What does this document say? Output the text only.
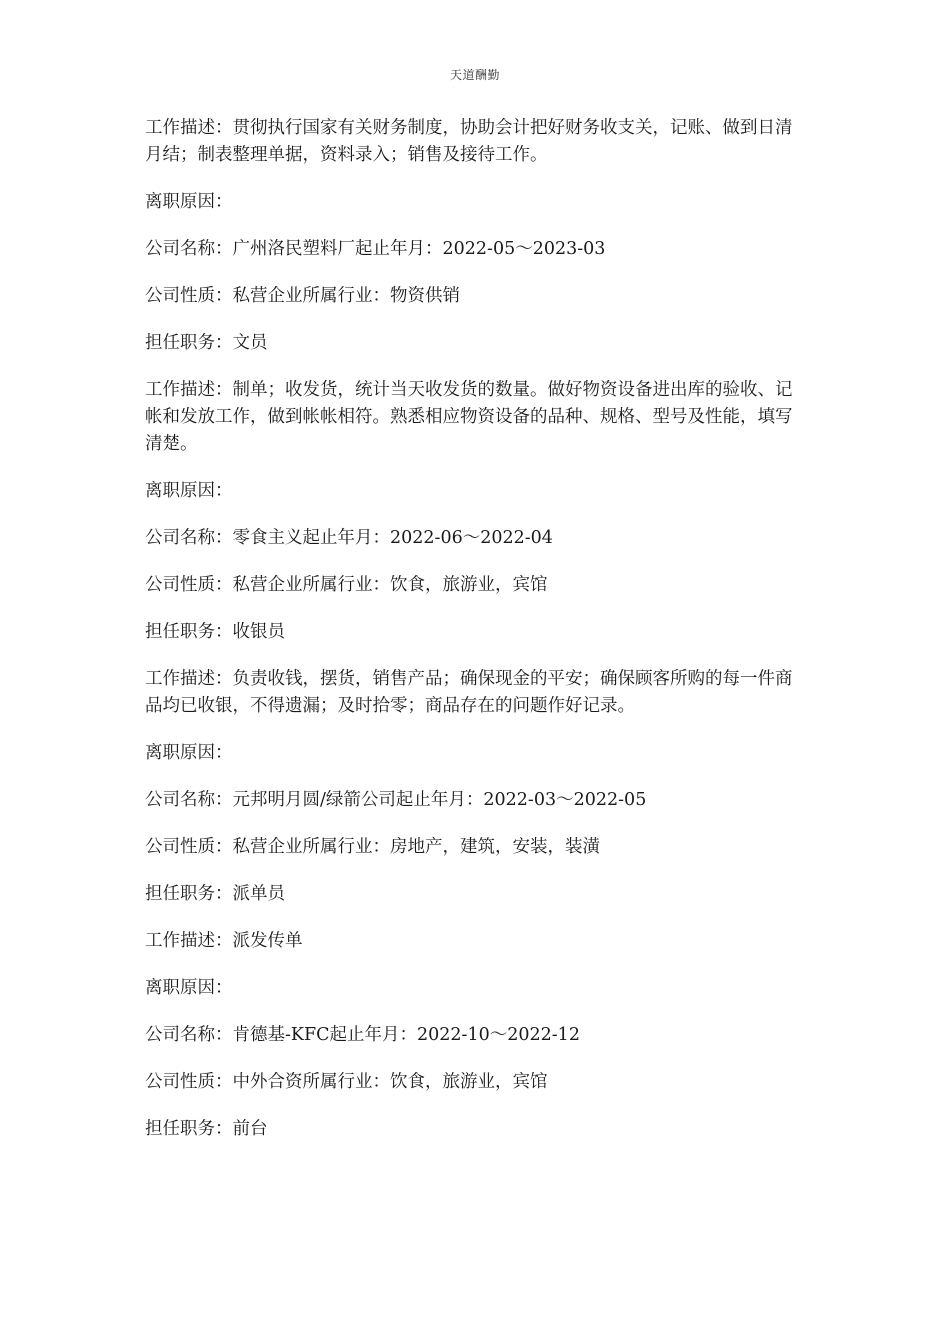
天道酬勤

工作描述：贯彻执行国家有关财务制度，协助会计把好财务收支关，记账、做到日清月结；制表整理单据，资料录入；销售及接待工作。

离职原因：

公司名称：广州洛民塑料厂起止年月：2022-05～2023-03

公司性质：私营企业所属行业：物资供销

担任职务：文员

工作描述：制单；收发货，统计当天收发货的数量。做好物资设备进出库的验收、记帐和发放工作，做到帐帐相符。熟悉相应物资设备的品种、规格、型号及性能，填写清楚。

离职原因：

公司名称：零食主义起止年月：2022-06～2022-04

公司性质：私营企业所属行业：饮食，旅游业，宾馆

担任职务：收银员

工作描述：负责收钱，摆货，销售产品；确保现金的平安；确保顾客所购的每一件商品均已收银，不得遗漏；及时拾零；商品存在的问题作好记录。

离职原因：

公司名称：元邦明月圆/绿箭公司起止年月：2022-03～2022-05

公司性质：私营企业所属行业：房地产，建筑，安装，装潢

担任职务：派单员

工作描述：派发传单

离职原因：

公司名称：肯德基-KFC起止年月：2022-10～2022-12

公司性质：中外合资所属行业：饮食，旅游业，宾馆

担任职务：前台
